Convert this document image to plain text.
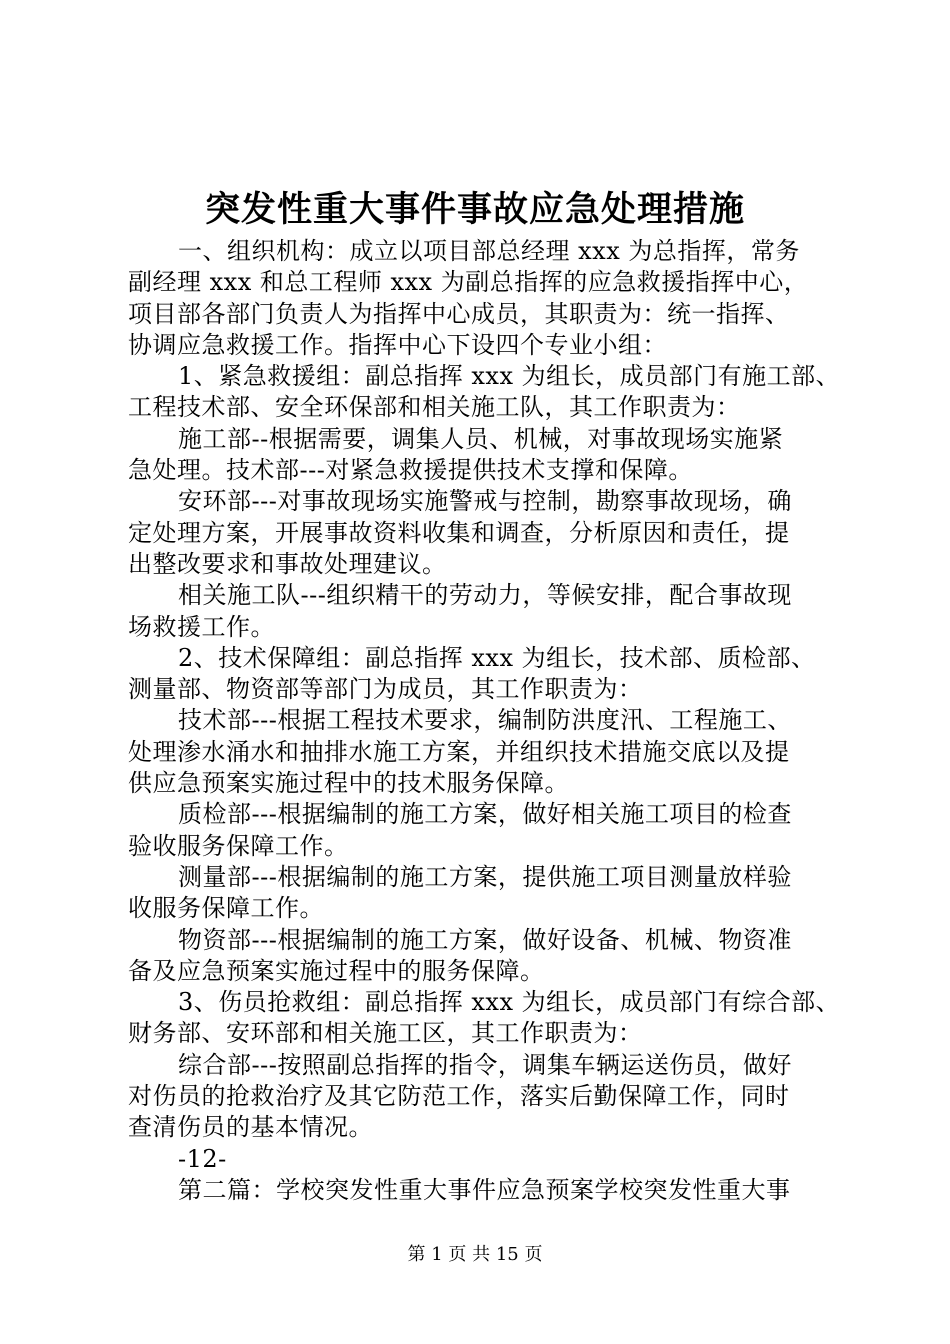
突发性重大事件事故应急处理措施
一、组织机构：成立以项目部总经理 xxx 为总指挥，常务
副经理 xxx 和总工程师 xxx 为副总指挥的应急救援指挥中心，
项目部各部门负责人为指挥中心成员，其职责为：统一指挥、
协调应急救援工作。指挥中心下设四个专业小组：
1、紧急救援组：副总指挥 xxx 为组长，成员部门有施工部、
工程技术部、安全环保部和相关施工队，其工作职责为：
施工部--根据需要，调集人员、机械，对事故现场实施紧
急处理。技术部---对紧急救援提供技术支撑和保障。
安环部---对事故现场实施警戒与控制，勘察事故现场，确
定处理方案，开展事故资料收集和调查，分析原因和责任，提
出整改要求和事故处理建议。
相关施工队---组织精干的劳动力，等候安排，配合事故现
场救援工作。
2、技术保障组：副总指挥 xxx 为组长，技术部、质检部、
测量部、物资部等部门为成员，其工作职责为：
技术部---根据工程技术要求，编制防洪度汛、工程施工、
处理渗水涌水和抽排水施工方案，并组织技术措施交底以及提
供应急预案实施过程中的技术服务保障。
质检部---根据编制的施工方案，做好相关施工项目的检查
验收服务保障工作。
测量部---根据编制的施工方案，提供施工项目测量放样验
收服务保障工作。
物资部---根据编制的施工方案，做好设备、机械、物资准
备及应急预案实施过程中的服务保障。
3、伤员抢救组：副总指挥 xxx 为组长，成员部门有综合部、
财务部、安环部和相关施工区，其工作职责为：
综合部---按照副总指挥的指令，调集车辆运送伤员，做好
对伤员的抢救治疗及其它防范工作，落实后勤保障工作，同时
查清伤员的基本情况。
-12-
第二篇：学校突发性重大事件应急预案学校突发性重大事
第 1 页 共 15 页
